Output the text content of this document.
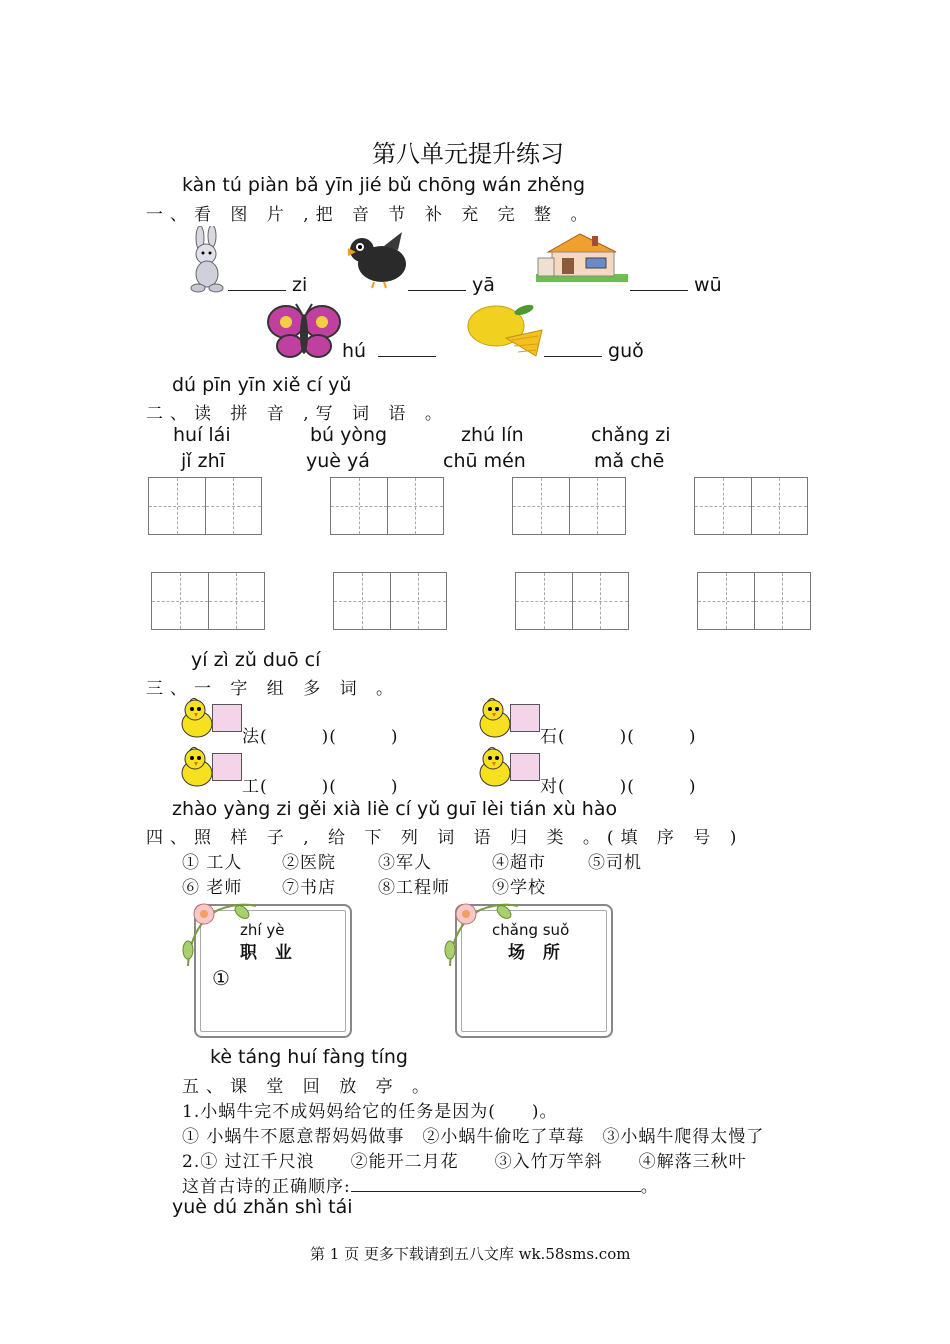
第八单元提升练习
kàn tú piàn bǎ yīn jié bǔ chōng wán zhěng
一、看 图 片 ,把 音 节 补 充 完 整 。
zi	yā	wū
hú	guǒ
dú pīn yīn xiě cí yǔ
二、读 拼 音 ,写 词 语 。
huí lái	bú yòng	zhú lín	chǎng zi
jǐ zhī	yuè yá	chū mén	mǎ chē
yí zì zǔ duō cí
三、一 字 组 多 词 。
法(　　　)(　　　)	石(　　　)(　　　)
工(　　　)(　　　)	对(　　　)(　　　)
zhào yàng zi gěi xià liè cí yǔ guī lèi tián xù hào
四、照 样 子 , 给 下 列 词 语 归 类 。(填 序 号 )
① 工人 ②医院 ③军人	④超市 ⑤司机
⑥ 老师 ⑦书店 ⑧工程师 ⑨学校
zhí yè
职 业
①
chǎng suǒ
场 所
kè táng huí fàng tíng
五、课 堂 回 放 亭 。
1.小蜗牛完不成妈妈给它的任务是因为(　　)。
① 小蜗牛不愿意帮妈妈做事　②小蜗牛偷吃了草莓　③小蜗牛爬得太慢了
2.① 过江千尺浪　　②能开二月花　　③入竹万竿斜　　④解落三秋叶
这首古诗的正确顺序:	。
yuè dú zhǎn shì tái
第 1 页 更多下载请到五八文库 wk.58sms.com
